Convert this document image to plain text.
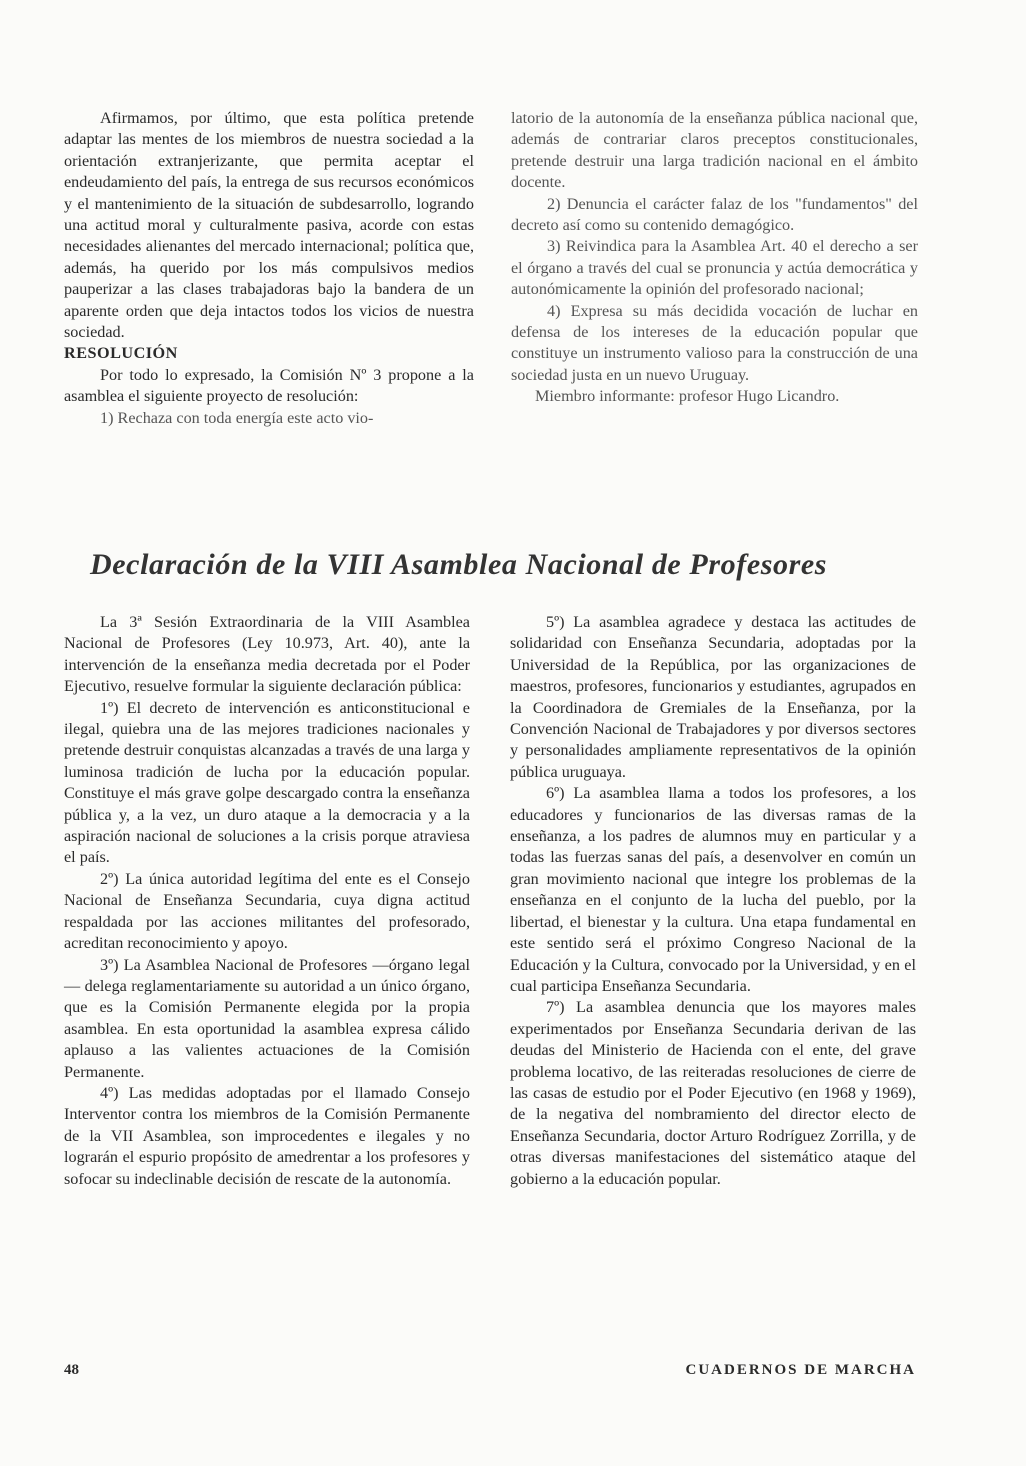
Afirmamos, por último, que esta política pretende adaptar las mentes de los miembros de nuestra sociedad a la orientación extranjerizante, que permita aceptar el endeudamiento del país, la entrega de sus recursos económicos y el mantenimiento de la situación de subdesarrollo, logrando una actitud moral y culturalmente pasiva, acorde con estas necesidades alienantes del mercado internacional; política que, además, ha querido por los más compulsivos medios pauperizar a las clases trabajadoras bajo la bandera de un aparente orden que deja intactos todos los vicios de nuestra sociedad.

RESOLUCIÓN

Por todo lo expresado, la Comisión Nº 3 propone a la asamblea el siguiente proyecto de resolución:

1) Rechaza con toda energía este acto vio-

latorio de la autonomía de la enseñanza pública nacional que, además de contrariar claros preceptos constitucionales, pretende destruir una larga tradición nacional en el ámbito docente.

2) Denuncia el carácter falaz de los "fundamentos" del decreto así como su contenido demagógico.

3) Reivindica para la Asamblea Art. 40 el derecho a ser el órgano a través del cual se pronuncia y actúa democrática y autonómicamente la opinión del profesorado nacional;

4) Expresa su más decidida vocación de luchar en defensa de los intereses de la educación popular que constituye un instrumento valioso para la construcción de una sociedad justa en un nuevo Uruguay.

Miembro informante: profesor Hugo Licandro.

Declaración de la VIII Asamblea Nacional de Profesores

La 3ª Sesión Extraordinaria de la VIII Asamblea Nacional de Profesores (Ley 10.973, Art. 40), ante la intervención de la enseñanza media decretada por el Poder Ejecutivo, resuelve formular la siguiente declaración pública:

1º) El decreto de intervención es anticonstitucional e ilegal, quiebra una de las mejores tradiciones nacionales y pretende destruir conquistas alcanzadas a través de una larga y luminosa tradición de lucha por la educación popular. Constituye el más grave golpe descargado contra la enseñanza pública y, a la vez, un duro ataque a la democracia y a la aspiración nacional de soluciones a la crisis porque atraviesa el país.

2º) La única autoridad legítima del ente es el Consejo Nacional de Enseñanza Secundaria, cuya digna actitud respaldada por las acciones militantes del profesorado, acreditan reconocimiento y apoyo.

3º) La Asamblea Nacional de Profesores —órgano legal— delega reglamentariamente su autoridad a un único órgano, que es la Comisión Permanente elegida por la propia asamblea. En esta oportunidad la asamblea expresa cálido aplauso a las valientes actuaciones de la Comisión Permanente.

4º) Las medidas adoptadas por el llamado Consejo Interventor contra los miembros de la Comisión Permanente de la VII Asamblea, son improcedentes e ilegales y no lograrán el espurio propósito de amedrentar a los profesores y sofocar su indeclinable decisión de rescate de la autonomía.

5º) La asamblea agradece y destaca las actitudes de solidaridad con Enseñanza Secundaria, adoptadas por la Universidad de la República, por las organizaciones de maestros, profesores, funcionarios y estudiantes, agrupados en la Coordinadora de Gremiales de la Enseñanza, por la Convención Nacional de Trabajadores y por diversos sectores y personalidades ampliamente representativos de la opinión pública uruguaya.

6º) La asamblea llama a todos los profesores, a los educadores y funcionarios de las diversas ramas de la enseñanza, a los padres de alumnos muy en particular y a todas las fuerzas sanas del país, a desenvolver en común un gran movimiento nacional que integre los problemas de la enseñanza en el conjunto de la lucha del pueblo, por la libertad, el bienestar y la cultura. Una etapa fundamental en este sentido será el próximo Congreso Nacional de la Educación y la Cultura, convocado por la Universidad, y en el cual participa Enseñanza Secundaria.

7º) La asamblea denuncia que los mayores males experimentados por Enseñanza Secundaria derivan de las deudas del Ministerio de Hacienda con el ente, del grave problema locativo, de las reiteradas resoluciones de cierre de las casas de estudio por el Poder Ejecutivo (en 1968 y 1969), de la negativa del nombramiento del director electo de Enseñanza Secundaria, doctor Arturo Rodríguez Zorrilla, y de otras diversas manifestaciones del sistemático ataque del gobierno a la educación popular.

48	CUADERNOS DE MARCHA
